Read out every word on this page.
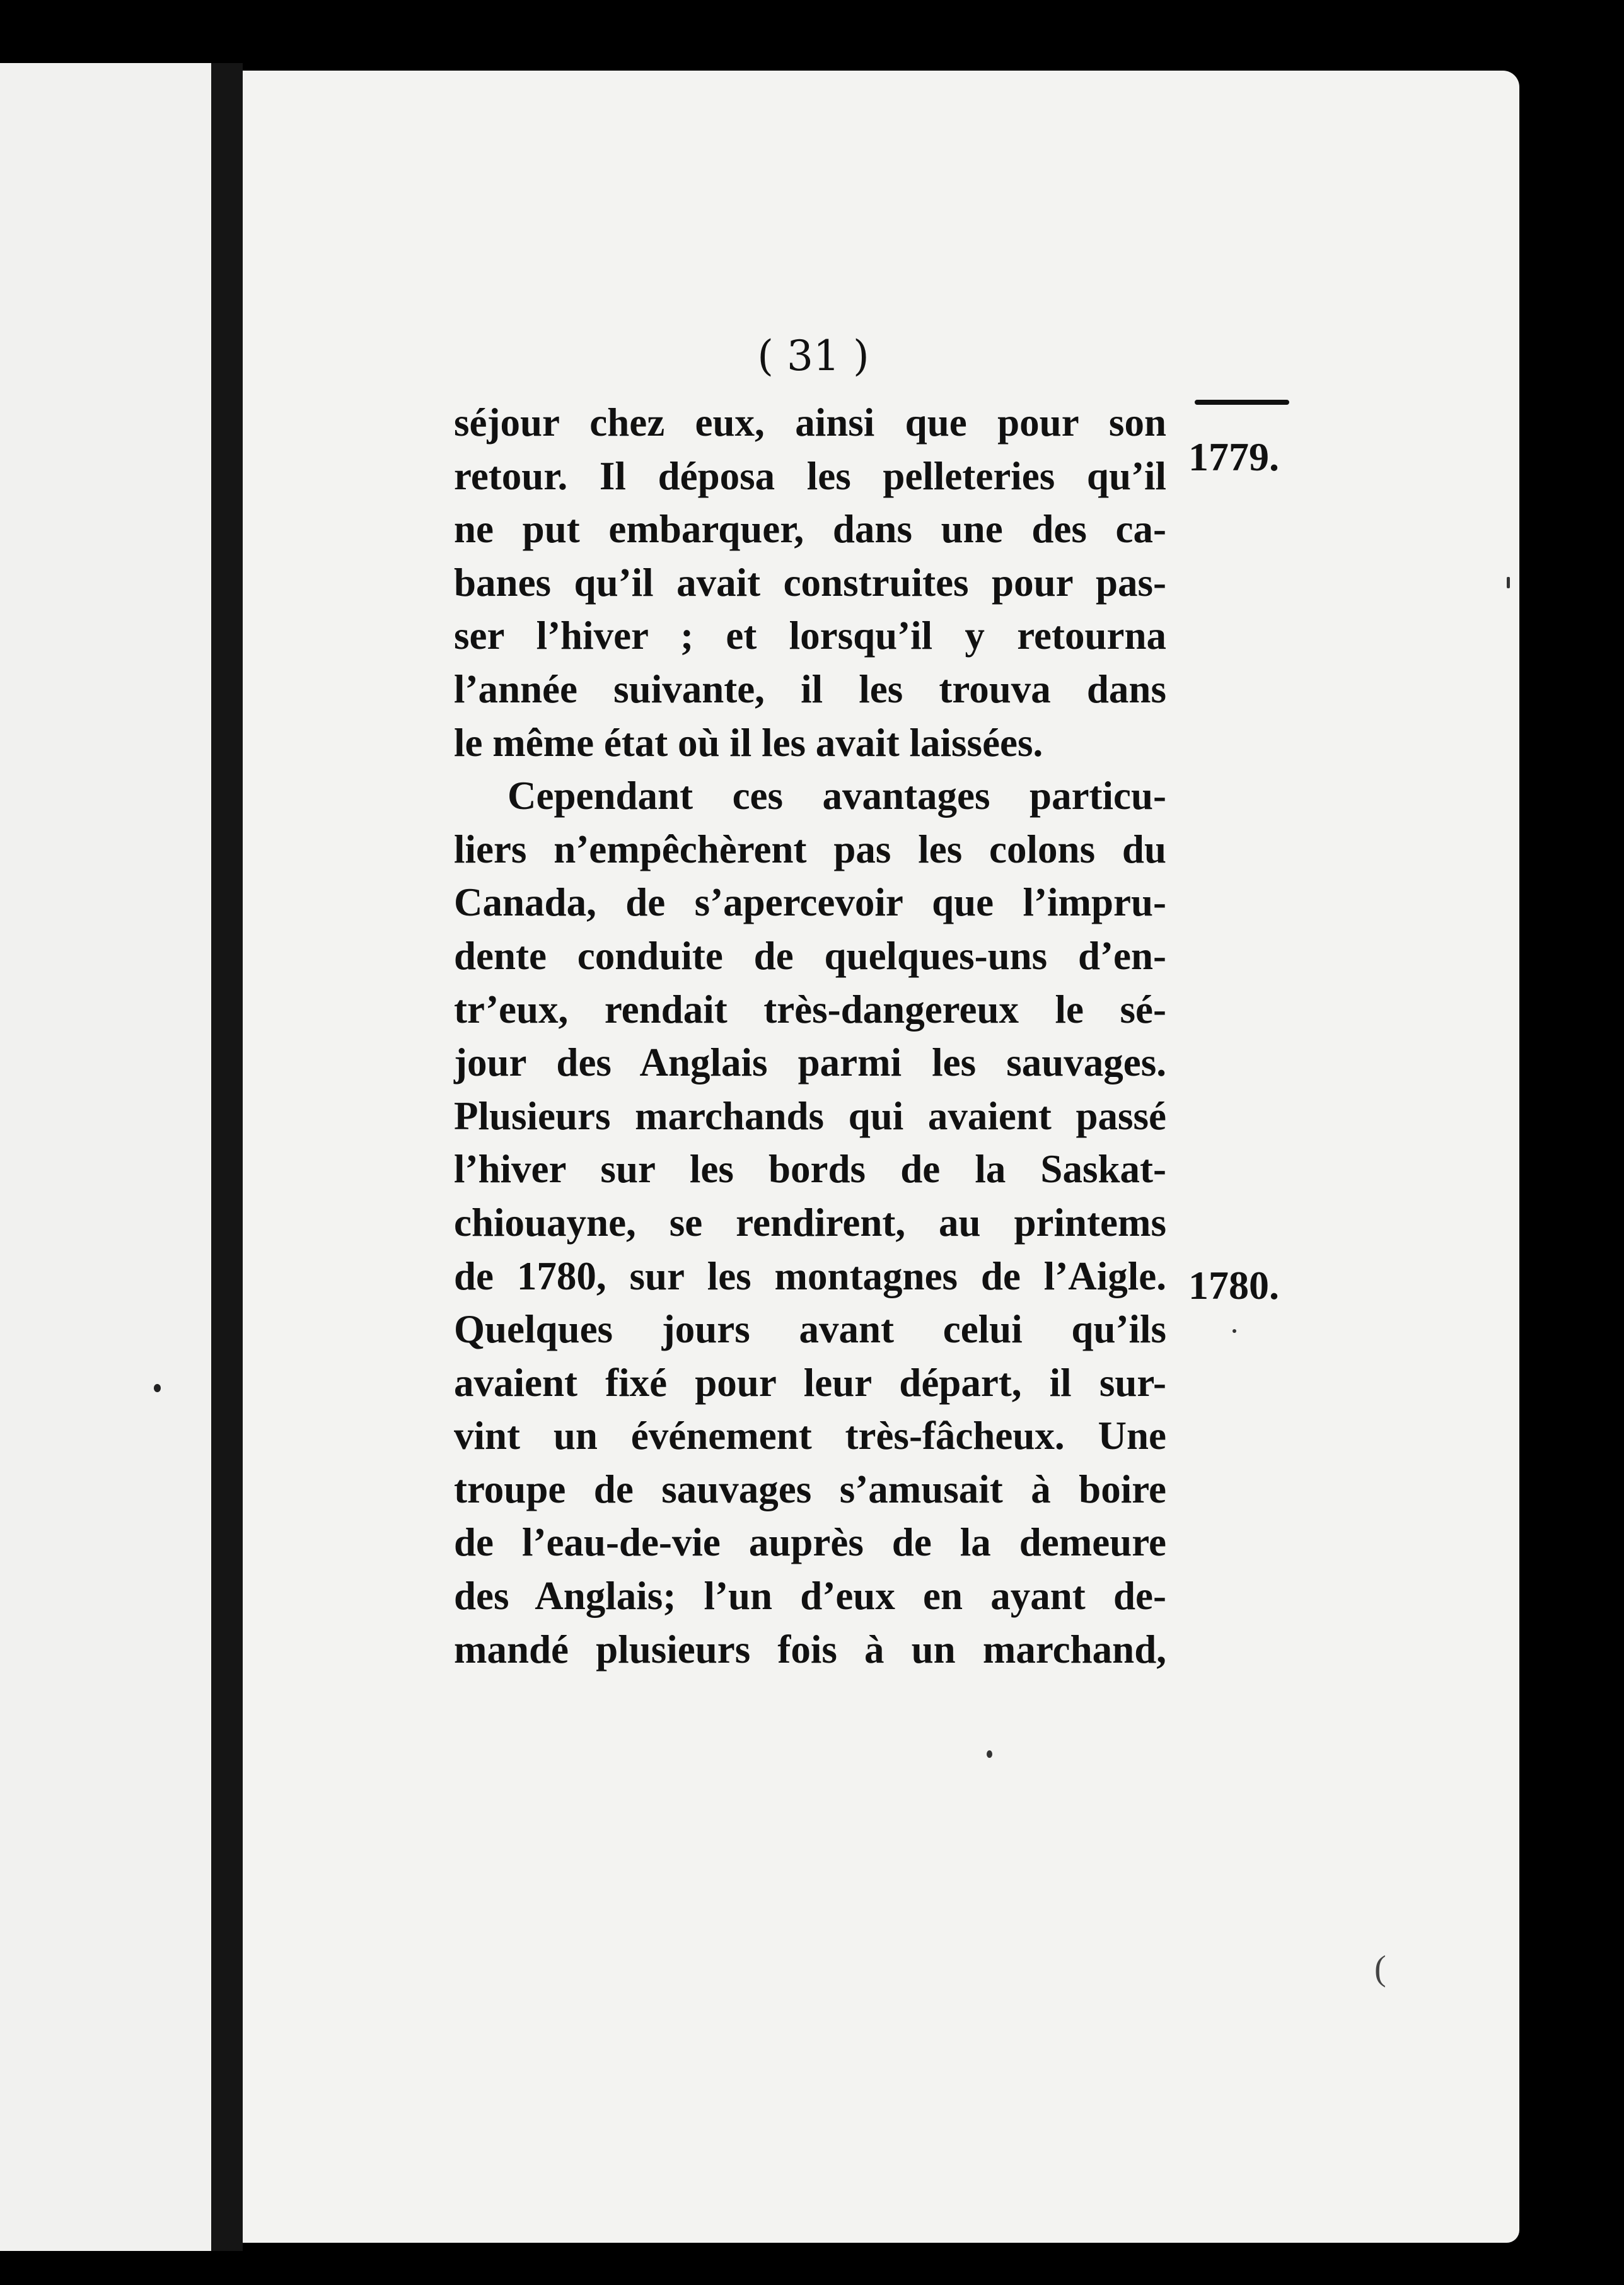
( 31 )
1779.
1780.
séjour chez eux, ainsi que pour son
retour. Il déposa les pelleteries qu’il
ne put embarquer, dans une des ca-
banes qu’il avait construites pour pas-
ser l’hiver ; et lorsqu’il y retourna
l’année suivante, il les trouva dans
le même état où il les avait laissées.
Cependant ces avantages particu-
liers n’empêchèrent pas les colons du
Canada, de s’apercevoir que l’impru-
dente conduite de quelques-uns d’en-
tr’eux, rendait très-dangereux le sé-
jour des Anglais parmi les sauvages.
Plusieurs marchands qui avaient passé
l’hiver sur les bords de la Saskat-
chiouayne, se rendirent, au printems
de 1780, sur les montagnes de l’Aigle.
Quelques jours avant celui qu’ils
avaient fixé pour leur départ, il sur-
vint un événement très-fâcheux. Une
troupe de sauvages s’amusait à boire
de l’eau-de-vie auprès de la demeure
des Anglais; l’un d’eux en ayant de-
mandé plusieurs fois à un marchand,
(
